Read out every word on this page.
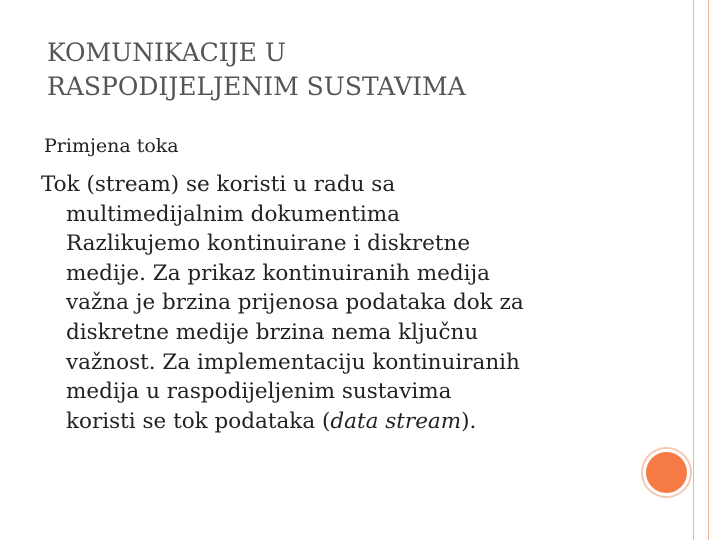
KOMUNIKACIJE U
RASPODIJELJENIM SUSTAVIMA

Primjena toka

Tok (stream) se koristi u radu sa
multimedijalnim dokumentima
Razlikujemo kontinuirane i diskretne
medije. Za prikaz kontinuiranih medija
važna je brzina prijenosa podataka dok za
diskretne medije brzina nema ključnu
važnost. Za implementaciju kontinuiranih
medija u raspodijeljenim sustavima
koristi se tok podataka (data stream).
